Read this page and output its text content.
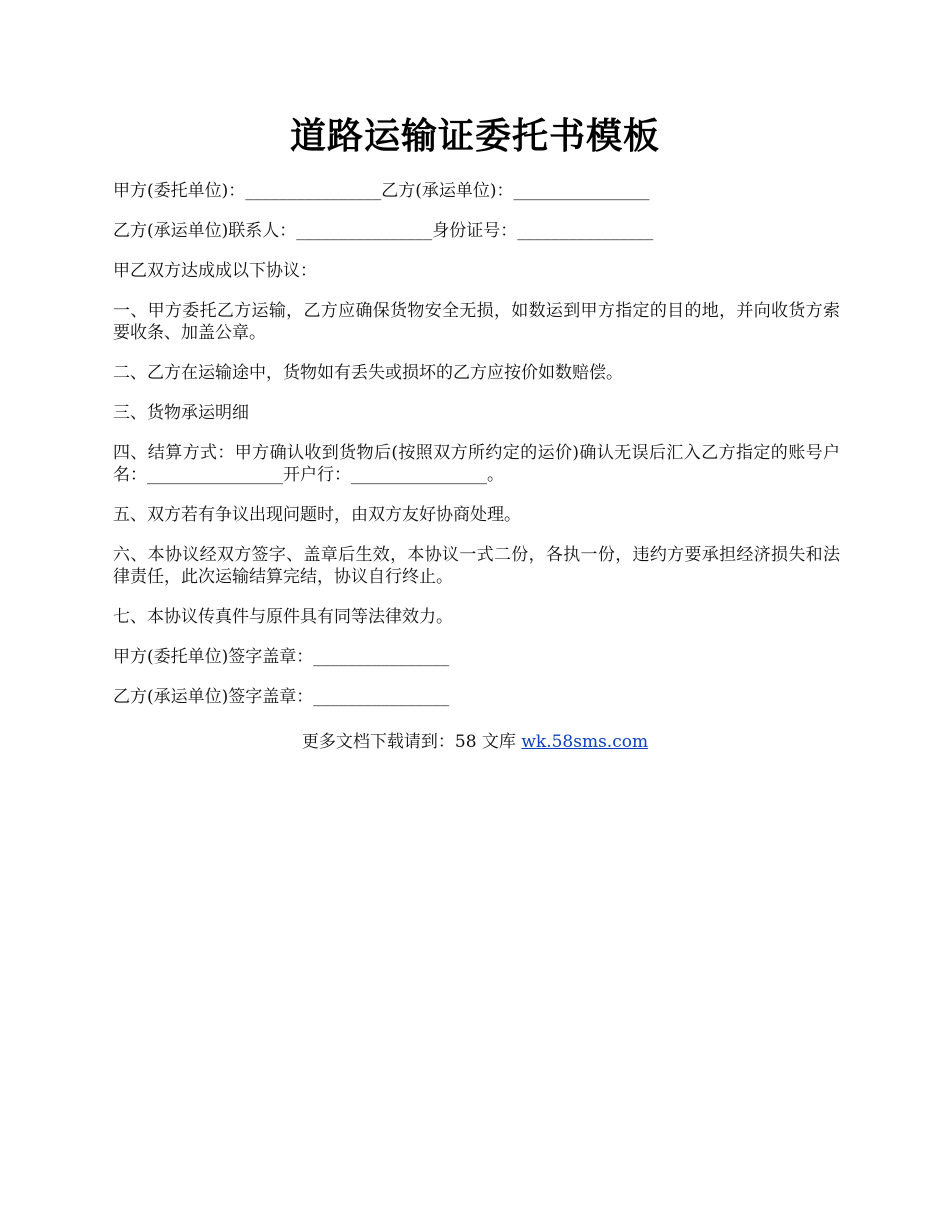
道路运输证委托书模板

甲方(委托单位)：________________乙方(承运单位)：________________

乙方(承运单位)联系人：________________身份证号：________________

甲乙双方达成成以下协议：

一、甲方委托乙方运输，乙方应确保货物安全无损，如数运到甲方指定的目的地，并向收货方索要收条、加盖公章。

二、乙方在运输途中，货物如有丢失或损坏的乙方应按价如数赔偿。

三、货物承运明细

四、结算方式：甲方确认收到货物后(按照双方所约定的运价)确认无误后汇入乙方指定的账号户名：________________开户行：________________。

五、双方若有争议出现问题时，由双方友好协商处理。

六、本协议经双方签字、盖章后生效，本协议一式二份，各执一份，违约方要承担经济损失和法律责任，此次运输结算完结，协议自行终止。

七、本协议传真件与原件具有同等法律效力。

甲方(委托单位)签字盖章：________________

乙方(承运单位)签字盖章：________________

更多文档下载请到：58 文库 wk.58sms.com
